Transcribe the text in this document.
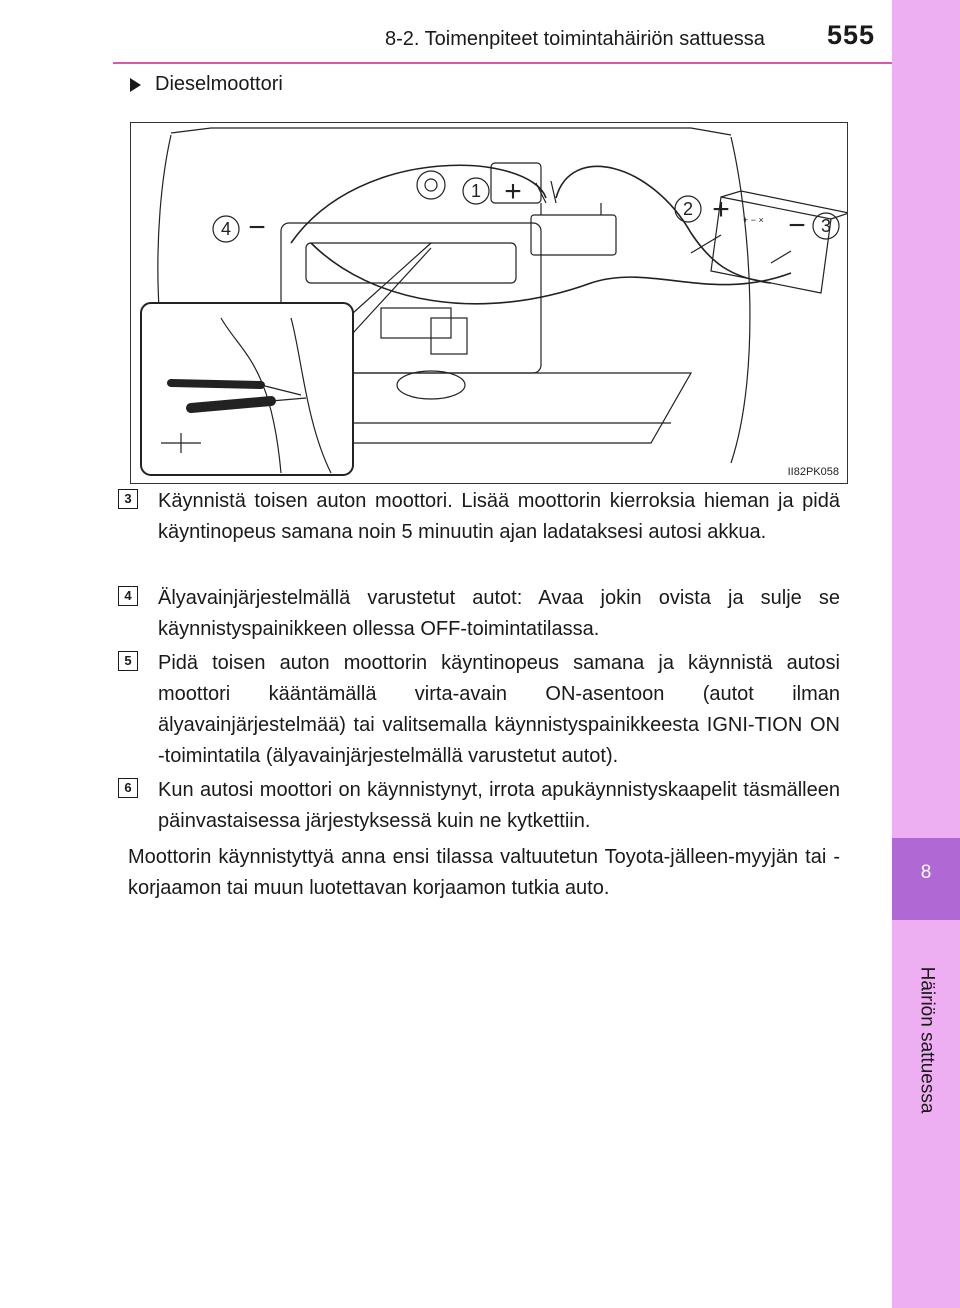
8-2. Toimenpiteet toimintahäiriön sattuessa 555
8
Häiriön sattuessa
Dieselmoottori
+ − ×
1 +
2 +	3
−
4 −
II82PK058
3	Käynnistä toisen auton moottori. Lisää moottorin kierroksia hieman ja pidä käyntinopeus samana noin 5 minuutin ajan ladataksesi autosi akkua.
4	Älyavainjärjestelmällä varustetut autot: Avaa jokin ovista ja sulje se käynnistyspainikkeen ollessa OFF-toimintatilassa.
5	Pidä toisen auton moottorin käyntinopeus samana ja käynnistä autosi moottori kääntämällä virta-avain ON-asentoon (autot ilman älyavainjärjestelmää) tai valitsemalla käynnistyspainikkeesta IGNI-TION ON -toimintatila (älyavainjärjestelmällä varustetut autot).
6	Kun autosi moottori on käynnistynyt, irrota apukäynnistyskaapelit täsmälleen päinvastaisessa järjestyksessä kuin ne kytkettiin.
Moottorin käynnistyttyä anna ensi tilassa valtuutetun Toyota-jälleen-myyjän tai -korjaamon tai muun luotettavan korjaamon tutkia auto.
